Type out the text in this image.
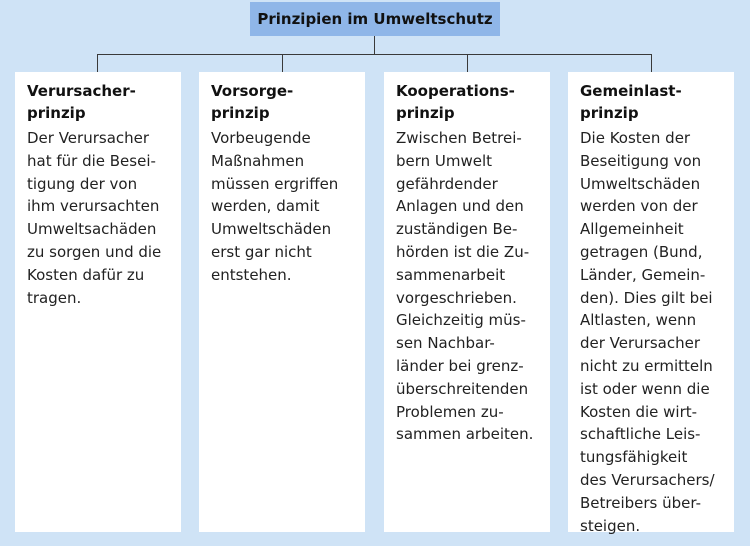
Prinzipien im Umweltschutz
Verursacher-
prinzip
Der Verursacher
hat für die Besei-
tigung der von
ihm verursachten
Umweltsachäden
zu sorgen und die
Kosten dafür zu
tragen.
Vorsorge-
prinzip
Vorbeugende
Maßnahmen
müssen ergriffen
werden, damit
Umweltschäden
erst gar nicht
entstehen.
Kooperations-
prinzip
Zwischen Betrei-
bern Umwelt
gefährdender
Anlagen und den
zuständigen Be-
hörden ist die Zu-
sammenarbeit
vorgeschrieben.
Gleichzeitig müs-
sen Nachbar-
länder bei grenz-
überschreitenden
Problemen zu-
sammen arbeiten.
Gemeinlast-
prinzip
Die Kosten der
Beseitigung von
Umweltschäden
werden von der
Allgemeinheit
getragen (Bund,
Länder, Gemein-
den). Dies gilt bei
Altlasten, wenn
der Verursacher
nicht zu ermitteln
ist oder wenn die
Kosten die wirt-
schaftliche Leis-
tungsfähigkeit
des Verursachers/
Betreibers über-
steigen.
